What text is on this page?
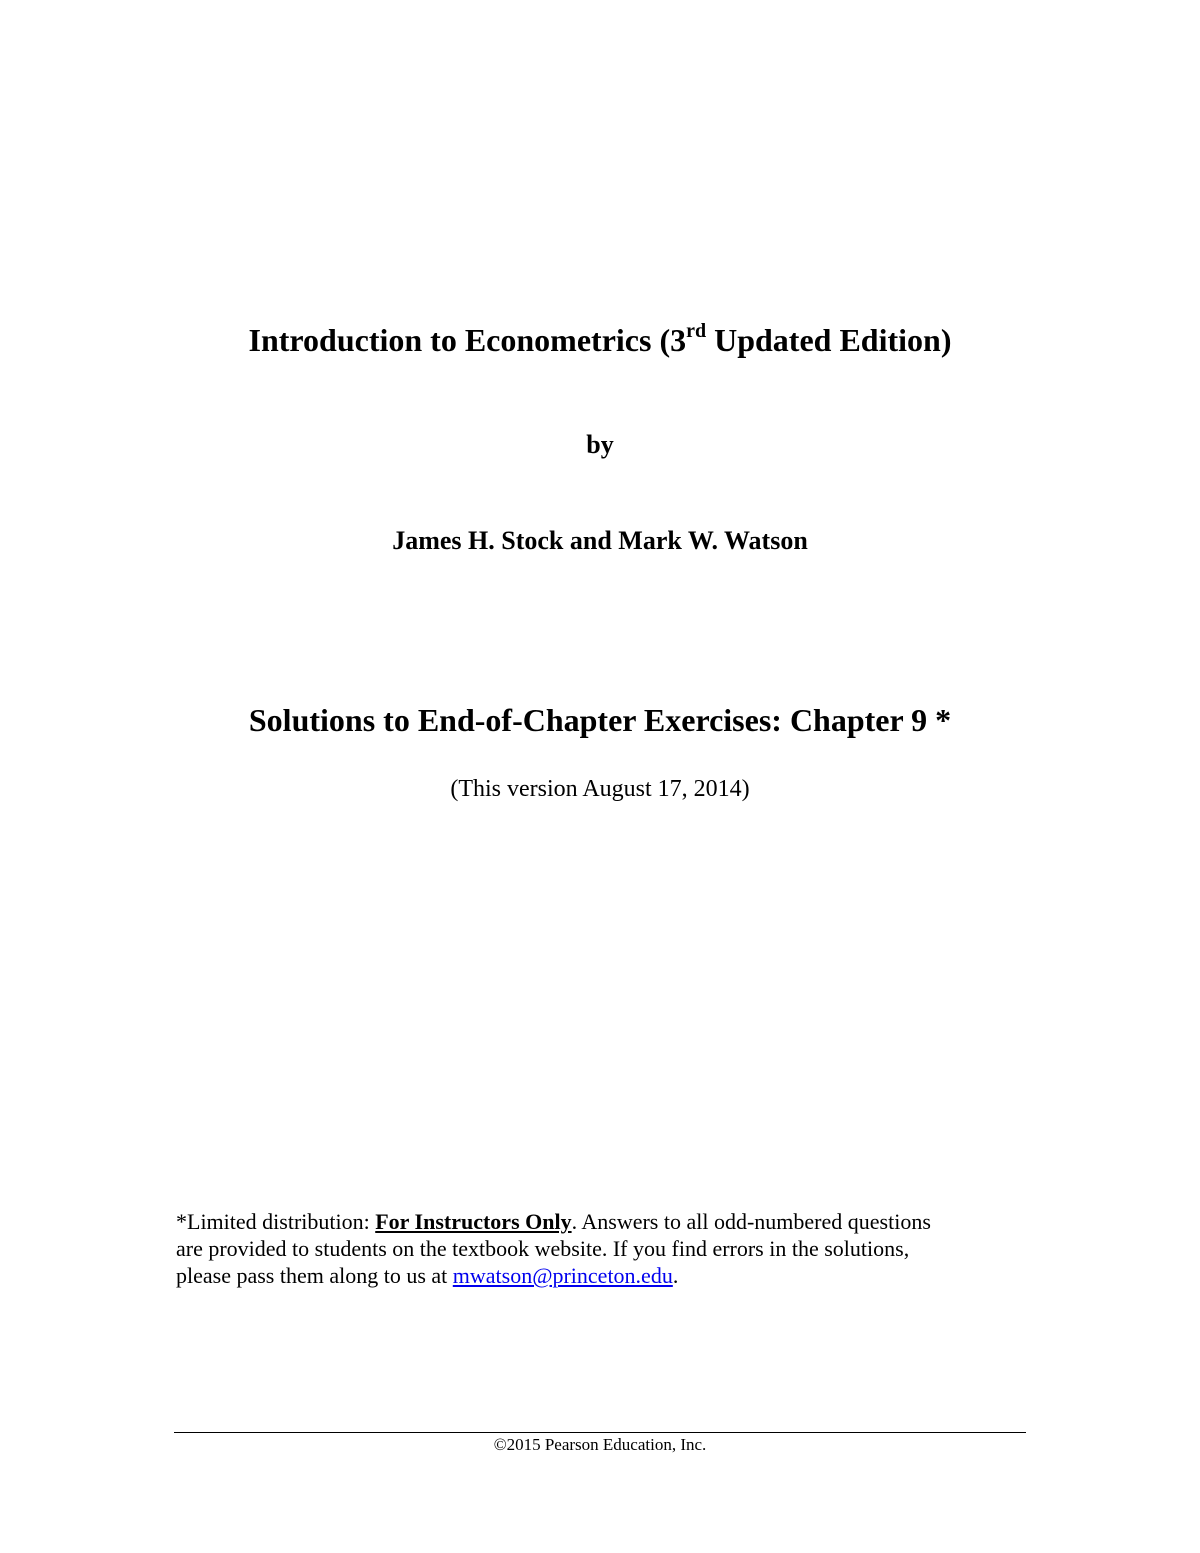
Introduction to Econometrics (3rd Updated Edition)
by
James H. Stock and Mark W. Watson
Solutions to End-of-Chapter Exercises: Chapter 9 *
(This version August 17, 2014)
*Limited distribution: For Instructors Only. Answers to all odd-numbered questions
are provided to students on the textbook website. If you find errors in the solutions,
please pass them along to us at mwatson@princeton.edu.
©2015 Pearson Education, Inc.
